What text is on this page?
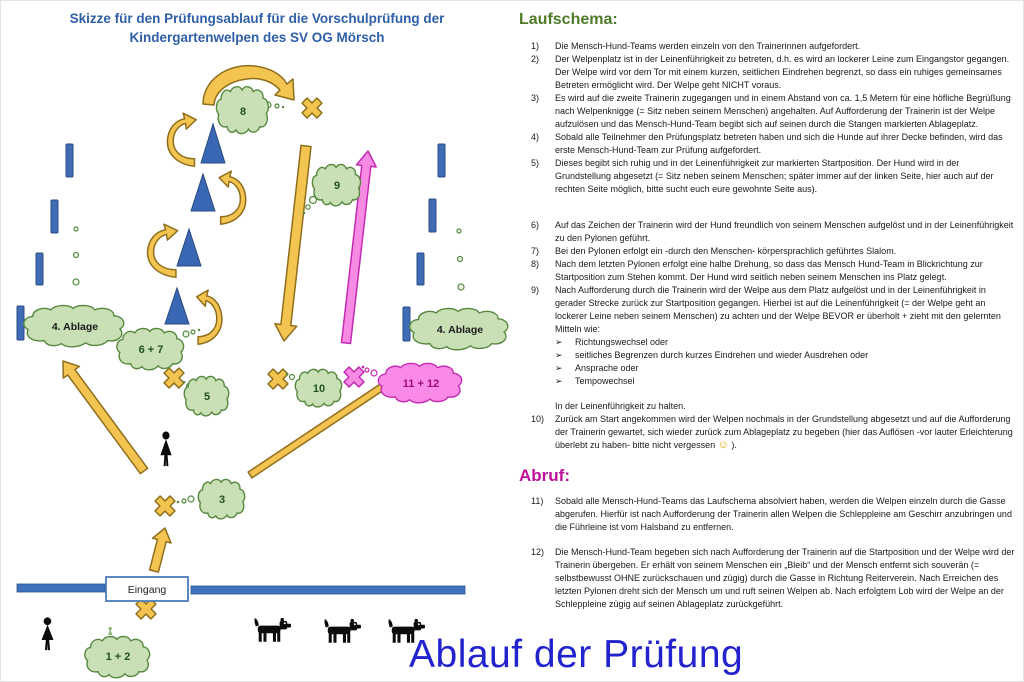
Skizze für den Prüfungsablauf für die Vorschulprüfung der
Kindergartenwelpen des SV OG Mörsch
8
9
4. Ablage
6 + 7
5
10	11 + 12
4. Ablage
3
1 + 2
Eingang
Ablauf der Prüfung
Laufschema:
1)	Die Mensch-Hund-Teams werden einzeln von den Trainerinnen aufgefordert.
2)	Der Welpenplatz ist in der Leinenführigkeit zu betreten, d.h. es wird an lockerer Leine zum Eingangstor gegangen. Der Welpe wird vor dem Tor mit einem kurzen, seitlichen Eindrehen begrenzt, so dass ein ruhiges gemeinsames Betreten ermöglicht wird. Der Welpe geht NICHT voraus.
3)	Es wird auf die zweite Trainerin zugegangen und in einem Abstand von ca. 1,5 Metern für eine höfliche Begrüßung nach Welpenknigge (= Sitz neben seinem Menschen) angehalten. Auf Aufforderung der Trainerin ist der Welpe aufzulösen und das Mensch-Hund-Team begibt sich auf seinen durch die Stangen markierten Ablageplatz.
4)	Sobald alle Teilnehmer den Prüfungsplatz betreten haben und sich die Hunde auf ihrer Decke befinden, wird das erste Mensch-Hund-Team zur Prüfung aufgefordert.
5)	Dieses begibt sich ruhig und in der Leinenführigkeit zur markierten Startposition. Der Hund wird in der Grundstellung abgesetzt (= Sitz neben seinem Menschen; später immer auf der linken Seite, hier auch auf der rechten Seite möglich, bitte sucht euch eure gewohnte Seite aus).
6)	Auf das Zeichen der Trainerin wird der Hund freundlich von seinem Menschen aufgelöst und in der Leinenführigkeit zu den Pylonen geführt.
7)	Bei den Pylonen erfolgt ein -durch den Menschen- körpersprachlich geführtes Slalom.
8)	Nach dem letzten Pylonen erfolgt eine halbe Drehung, so dass das Mensch Hund-Team in Blickrichtung zur Startposition zum Stehen kommt. Der Hund wird seitlich neben seinem Menschen ins Platz gelegt.
9)	Nach Aufforderung durch die Trainerin wird der Welpe aus dem Platz aufgelöst und in der Leinenführigkeit in gerader Strecke zurück zur Startposition gegangen. Hierbei ist auf die Leinenführigkeit (= der Welpe geht an lockerer Leine neben seinem Menschen) zu achten und der Welpe BEVOR er überholt + zieht mit den gelernten Mitteln wie:
➢	Richtungswechsel oder
➢	seitliches Begrenzen durch kurzes Eindrehen und wieder Ausdrehen oder
➢	Ansprache oder
➢	Tempowechsel
In der Leinenführigkeit zu halten.
10)	Zurück am Start angekommen wird der Welpen nochmals in der Grundstellung abgesetzt und auf die Aufforderung der Trainerin gewartet, sich wieder zurück zum Ablageplatz zu begeben (hier das Auflösen -vor lauter Erleichterung überlebt zu haben- bitte nicht vergessen ☺ ).
Abruf:
11)	Sobald alle Mensch-Hund-Teams das Laufschema absolviert haben, werden die Welpen einzeln durch die Gasse abgerufen. Hierfür ist nach Aufforderung der Trainerin allen Welpen die Schleppleine am Geschirr anzubringen und die Führleine ist vom Halsband zu entfernen.
12)	Die Mensch-Hund-Team begeben sich nach Aufforderung der Trainerin auf die Startposition und der Welpe wird der Trainerin übergeben. Er erhält von seinem Menschen ein „Bleib“ und der Mensch entfernt sich souverän (= selbstbewusst OHNE zurückschauen und zügig) durch die Gasse in Richtung Reiterverein. Nach Erreichen des letzten Pylonen dreht sich der Mensch um und ruft seinen Welpen ab. Nach erfolgtem Lob wird der Welpe an der Schleppleine zügig auf seinen Ablageplatz zurückgeführt.
